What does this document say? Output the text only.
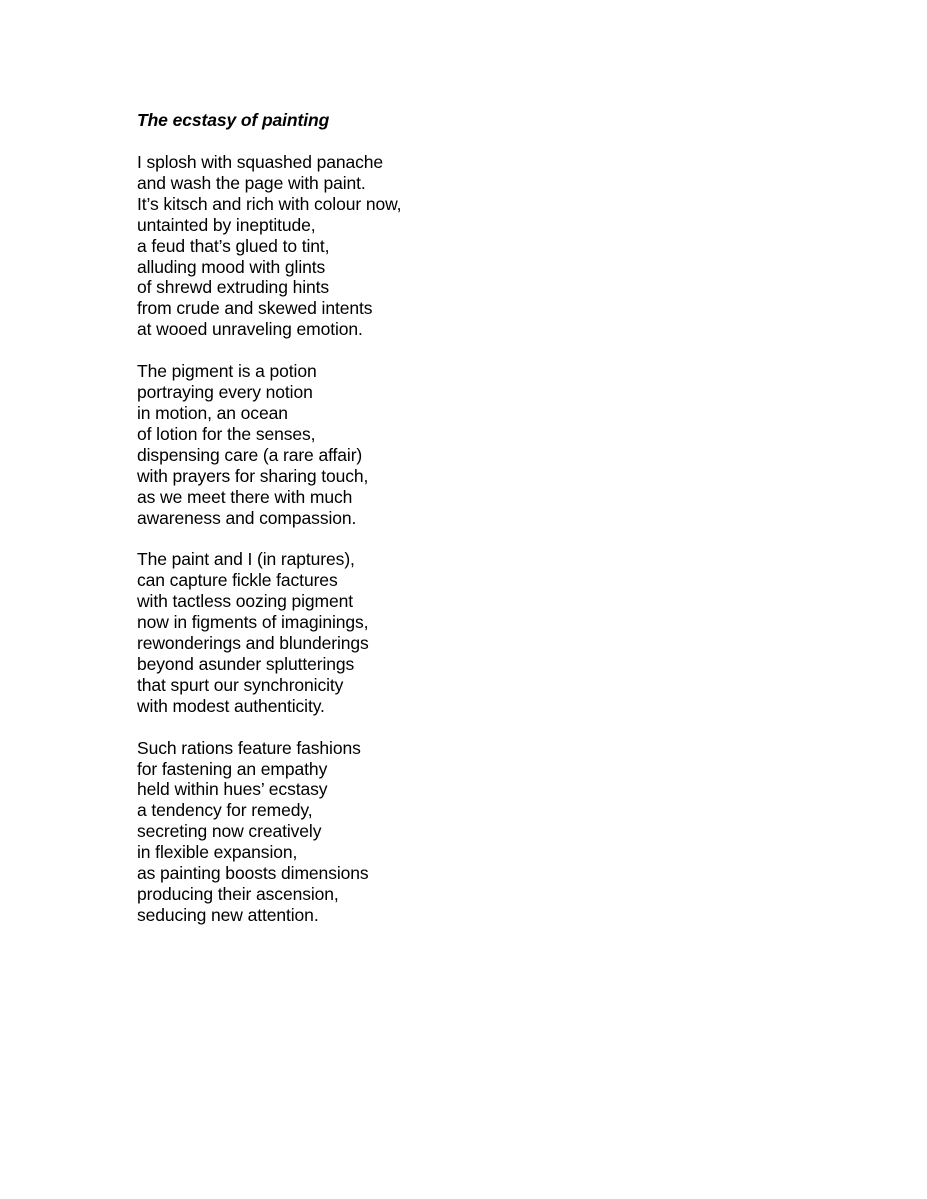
The ecstasy of painting
I splosh with squashed panache
and wash the page with paint.
It’s kitsch and rich with colour now,
untainted by ineptitude,
a feud that’s glued to tint,
alluding mood with glints
of shrewd extruding hints
from crude and skewed intents
at wooed unraveling emotion.
The pigment is a potion
portraying every notion
in motion, an ocean
of lotion for the senses,
dispensing care (a rare affair)
with prayers for sharing touch,
as we meet there with much
awareness and compassion.
The paint and I (in raptures),
can capture fickle factures
with tactless oozing pigment
now in figments of imaginings,
rewonderings and blunderings
beyond asunder splutterings
that spurt our synchronicity
with modest authenticity.
Such rations feature fashions
for fastening an empathy
held within hues’ ecstasy
a tendency for remedy,
secreting now creatively
in flexible expansion,
as painting boosts dimensions
producing their ascension,
seducing new attention.
